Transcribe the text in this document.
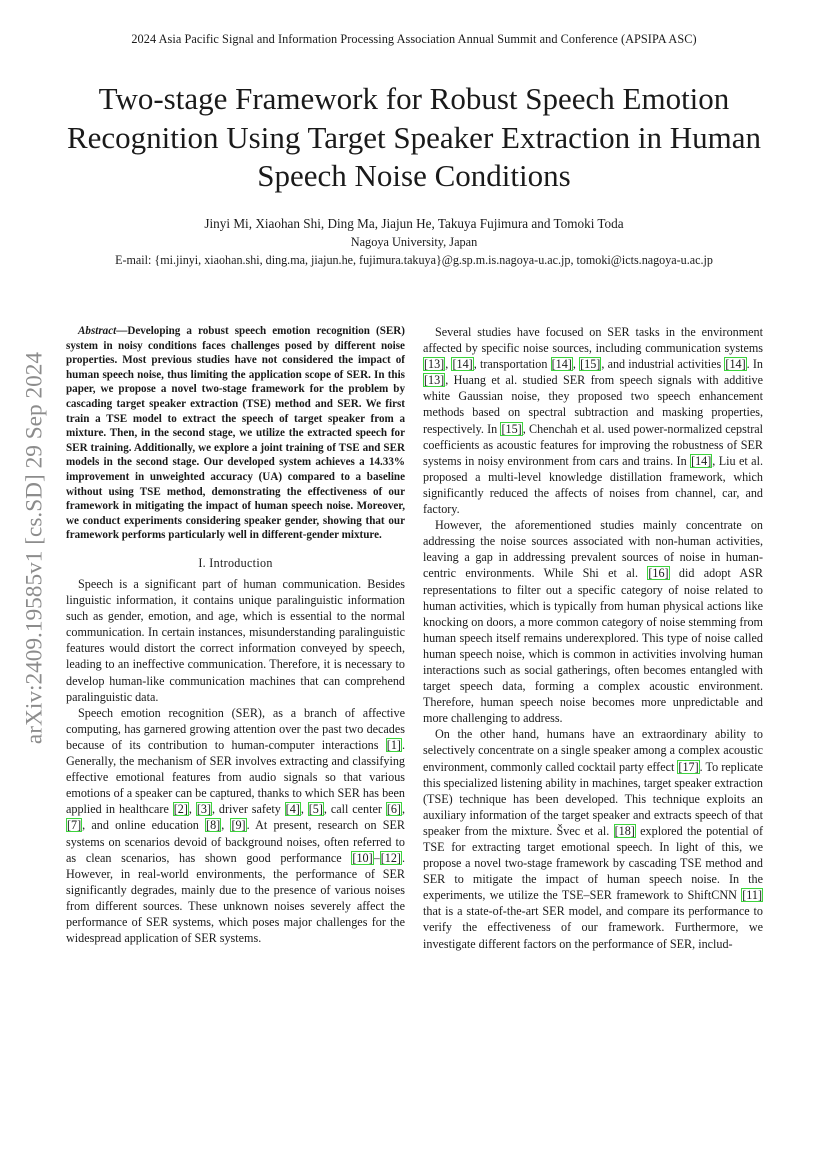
2024 Asia Pacific Signal and Information Processing Association Annual Summit and Conference (APSIPA ASC)
Two-stage Framework for Robust Speech Emotion Recognition Using Target Speaker Extraction in Human Speech Noise Conditions
Jinyi Mi, Xiaohan Shi, Ding Ma, Jiajun He, Takuya Fujimura and Tomoki Toda
Nagoya University, Japan
E-mail: {mi.jinyi, xiaohan.shi, ding.ma, jiajun.he, fujimura.takuya}@g.sp.m.is.nagoya-u.ac.jp, tomoki@icts.nagoya-u.ac.jp
arXiv:2409.19585v1 [cs.SD] 29 Sep 2024

Abstract—Developing a robust speech emotion recognition (SER) system in noisy conditions faces challenges posed by different noise properties. Most previous studies have not considered the impact of human speech noise, thus limiting the application scope of SER. In this paper, we propose a novel two-stage framework for the problem by cascading target speaker extraction (TSE) method and SER. We first train a TSE model to extract the speech of target speaker from a mixture. Then, in the second stage, we utilize the extracted speech for SER training. Additionally, we explore a joint training of TSE and SER models in the second stage. Our developed system achieves a 14.33% improvement in unweighted accuracy (UA) compared to a baseline without using TSE method, demonstrating the effectiveness of our framework in mitigating the impact of human speech noise. Moreover, we conduct experiments considering speaker gender, showing that our framework performs particularly well in different-gender mixture.

I. Introduction

Speech is a significant part of human communication. Besides linguistic information, it contains unique paralinguistic information such as gender, emotion, and age, which is essential to the normal communication. In certain instances, misunderstanding paralinguistic features would distort the correct information conveyed by speech, leading to an ineffective communication. Therefore, it is necessary to develop human-like communication machines that can comprehend paralinguistic data.

Speech emotion recognition (SER), as a branch of affective computing, has garnered growing attention over the past two decades because of its contribution to human-computer interactions [1]. Generally, the mechanism of SER involves extracting and classifying effective emotional features from audio signals so that various emotions of a speaker can be captured, thanks to which SER has been applied in healthcare [2], [3], driver safety [4], [5], call center [6], [7], and online education [8], [9]. At present, research on SER systems on scenarios devoid of background noises, often referred to as clean scenarios, has shown good performance [10]–[12]. However, in real-world environments, the performance of SER significantly degrades, mainly due to the presence of various noises from different sources. These unknown noises severely affect the performance of SER systems, which poses major challenges for the widespread application of SER systems.

Several studies have focused on SER tasks in the environment affected by specific noise sources, including communication systems [13], [14], transportation [14], [15], and industrial activities [14]. In [13], Huang et al. studied SER from speech signals with additive white Gaussian noise, they proposed two speech enhancement methods based on spectral subtraction and masking properties, respectively. In [15], Chenchah et al. used power-normalized cepstral coefficients as acoustic features for improving the robustness of SER systems in noisy environment from cars and trains. In [14], Liu et al. proposed a multi-level knowledge distillation framework, which significantly reduced the affects of noises from channel, car, and factory.

However, the aforementioned studies mainly concentrate on addressing the noise sources associated with non-human activities, leaving a gap in addressing prevalent sources of noise in human-centric environments. While Shi et al. [16] did adopt ASR representations to filter out a specific category of noise related to human activities, which is typically from human physical actions like knocking on doors, a more common category of noise stemming from human speech itself remains underexplored. This type of noise called human speech noise, which is common in activities involving human interactions such as social gatherings, often becomes entangled with target speech data, forming a complex acoustic environment. Therefore, human speech noise becomes more unpredictable and more challenging to address.

On the other hand, humans have an extraordinary ability to selectively concentrate on a single speaker among a complex acoustic environment, commonly called cocktail party effect [17]. To replicate this specialized listening ability in machines, target speaker extraction (TSE) technique has been developed. This technique exploits an auxiliary information of the target speaker and extracts speech of that speaker from the mixture. Švec et al. [18] explored the potential of TSE for extracting target emotional speech. In light of this, we propose a novel two-stage framework by cascading TSE method and SER to mitigate the impact of human speech noise. In the experiments, we utilize the TSE–SER framework to ShiftCNN [11] that is a state-of-the-art SER model, and compare its performance to verify the effectiveness of our framework. Furthermore, we investigate different factors on the performance of SER, includ-
